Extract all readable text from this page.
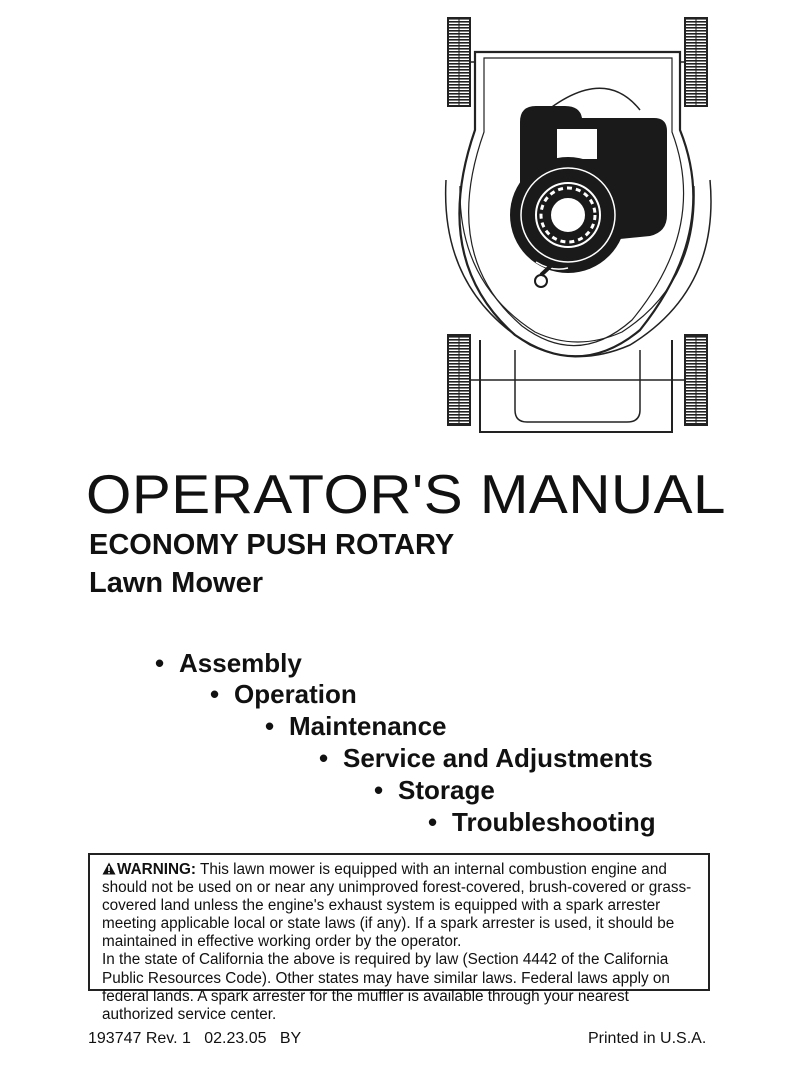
OPERATOR'S MANUAL
ECONOMY PUSH ROTARY
Lawn Mower
• Assembly
• Operation
• Maintenance
• Service and Adjustments
• Storage
• Troubleshooting

WARNING: This lawn mower is equipped with an internal combustion engine and should not be used on or near any unimproved forest-covered, brush-covered or grass-covered land unless the engine's exhaust system is equipped with a spark arrester meeting applicable local or state laws (if any). If a spark arrester is used, it should be maintained in effective working order by the operator.

In the state of California the above is required by law (Section 4442 of the California Public Resources Code). Other states may have similar laws. Federal laws apply on federal lands. A spark arrester for the muffler is available through your nearest authorized service center.

193747 Rev. 1   02.23.05   BY	Printed in U.S.A.
